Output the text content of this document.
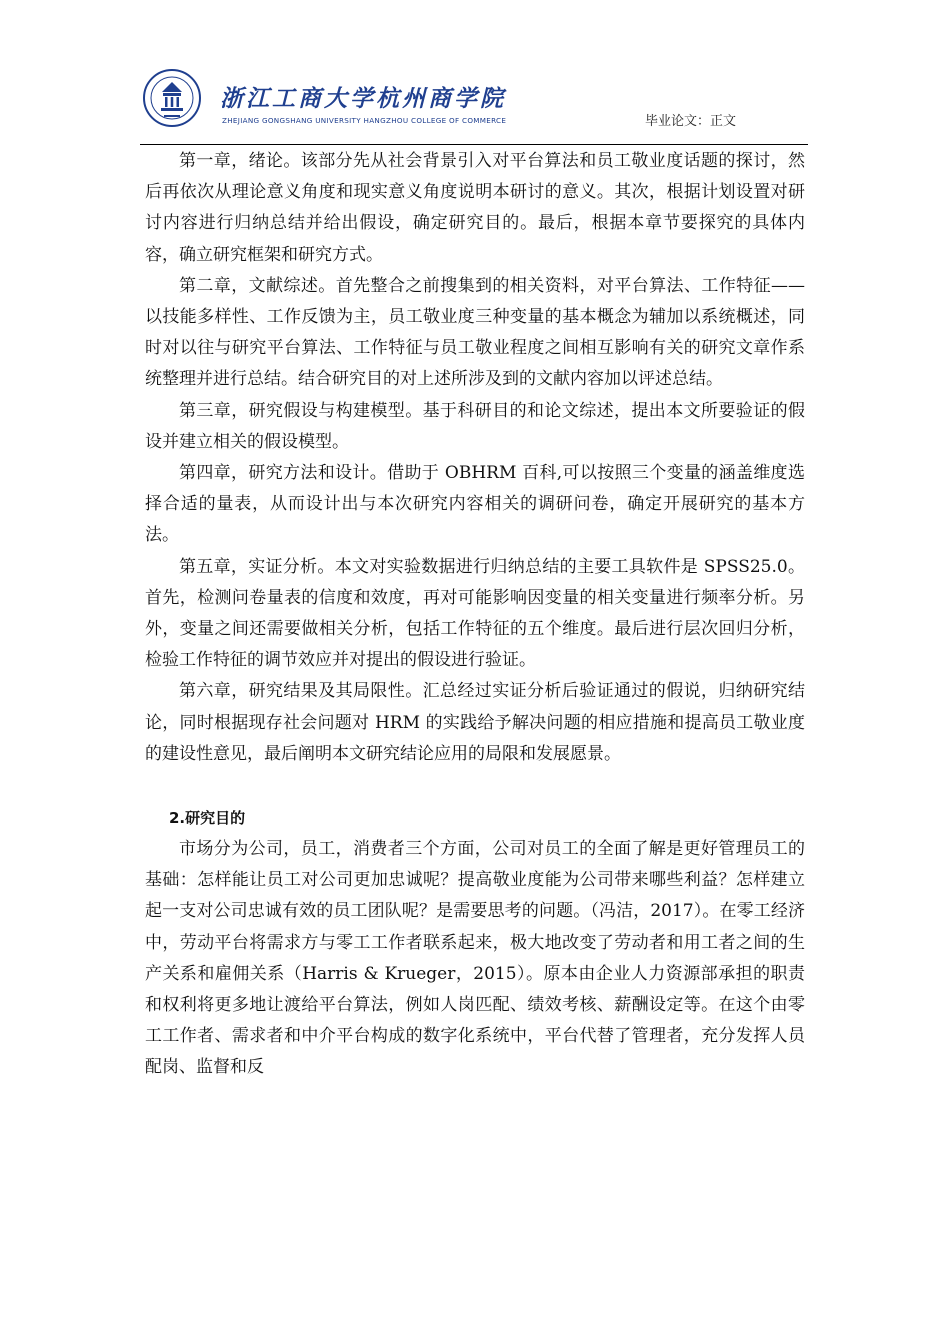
浙江工商大学杭州商学院
ZHEJIANG GONGSHANG UNIVERSITY HANGZHOU COLLEGE OF COMMERCE	毕业论文：正文

第一章，绪论。该部分先从社会背景引入对平台算法和员工敬业度话题的探讨，然后再依次从理论意义角度和现实意义角度说明本研讨的意义。其次，根据计划设置对研讨内容进行归纳总结并给出假设，确定研究目的。最后，根据本章节要探究的具体内容，确立研究框架和研究方式。

第二章，文献综述。首先整合之前搜集到的相关资料，对平台算法、工作特征——以技能多样性、工作反馈为主，员工敬业度三种变量的基本概念为辅加以系统概述，同时对以往与研究平台算法、工作特征与员工敬业程度之间相互影响有关的研究文章作系统整理并进行总结。结合研究目的对上述所涉及到的文献内容加以评述总结。

第三章，研究假设与构建模型。基于科研目的和论文综述，提出本文所要验证的假设并建立相关的假设模型。

第四章，研究方法和设计。借助于 OBHRM 百科,可以按照三个变量的涵盖维度选择合适的量表，从而设计出与本次研究内容相关的调研问卷，确定开展研究的基本方法。

第五章，实证分析。本文对实验数据进行归纳总结的主要工具软件是 SPSS25.0。首先，检测问卷量表的信度和效度，再对可能影响因变量的相关变量进行频率分析。另外，变量之间还需要做相关分析，包括工作特征的五个维度。最后进行层次回归分析，检验工作特征的调节效应并对提出的假设进行验证。

第六章，研究结果及其局限性。汇总经过实证分析后验证通过的假说，归纳研究结论，同时根据现存社会问题对 HRM 的实践给予解决问题的相应措施和提高员工敬业度的建设性意见，最后阐明本文研究结论应用的局限和发展愿景。

2.研究目的

市场分为公司，员工，消费者三个方面，公司对员工的全面了解是更好管理员工的基础：怎样能让员工对公司更加忠诚呢？提高敬业度能为公司带来哪些利益？怎样建立起一支对公司忠诚有效的员工团队呢？是需要思考的问题。（冯洁，2017）。在零工经济中，劳动平台将需求方与零工工作者联系起来，极大地改变了劳动者和用工者之间的生产关系和雇佣关系（Harris & Krueger，2015）。原本由企业人力资源部承担的职责和权利将更多地让渡给平台算法，例如人岗匹配、绩效考核、薪酬设定等。在这个由零工工作者、需求者和中介平台构成的数字化系统中，平台代替了管理者，充分发挥人员配岗、监督和反
